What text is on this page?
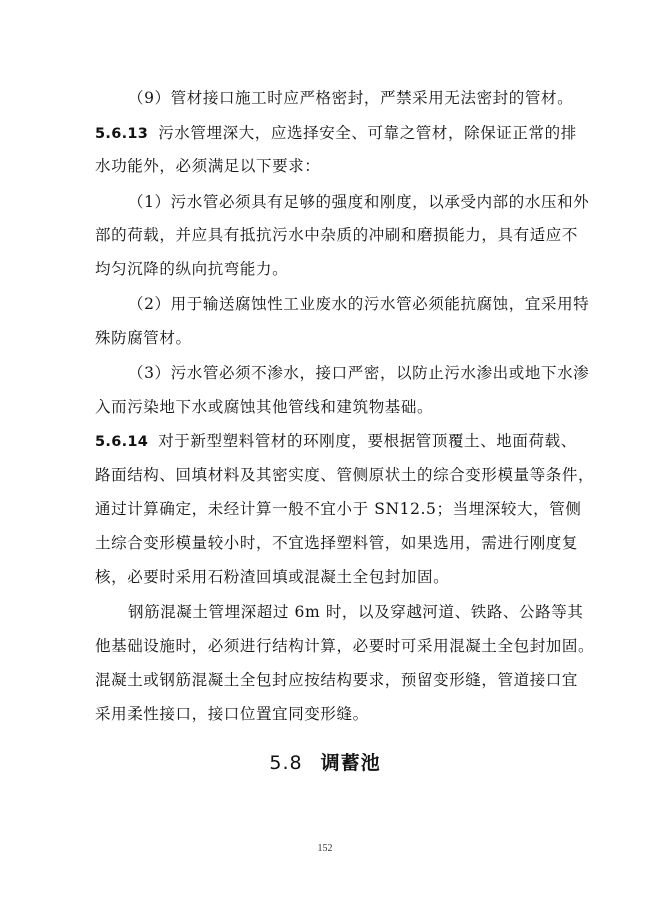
（9）管材接口施工时应严格密封，严禁采用无法密封的管材。
5.6.13 污水管埋深大，应选择安全、可靠之管材，除保证正常的排
水功能外，必须满足以下要求：
（1）污水管必须具有足够的强度和刚度，以承受内部的水压和外
部的荷载，并应具有抵抗污水中杂质的冲刷和磨损能力，具有适应不
均匀沉降的纵向抗弯能力。
（2）用于输送腐蚀性工业废水的污水管必须能抗腐蚀，宜采用特
殊防腐管材。
（3）污水管必须不渗水，接口严密，以防止污水渗出或地下水渗
入而污染地下水或腐蚀其他管线和建筑物基础。
5.6.14 对于新型塑料管材的环刚度，要根据管顶覆土、地面荷载、
路面结构、回填材料及其密实度、管侧原状土的综合变形模量等条件，
通过计算确定，未经计算一般不宜小于 SN12.5；当埋深较大，管侧
土综合变形模量较小时，不宜选择塑料管，如果选用，需进行刚度复
核，必要时采用石粉渣回填或混凝土全包封加固。
钢筋混凝土管埋深超过 6m 时，以及穿越河道、铁路、公路等其
他基础设施时，必须进行结构计算，必要时可采用混凝土全包封加固。
混凝土或钢筋混凝土全包封应按结构要求，预留变形缝，管道接口宜
采用柔性接口，接口位置宜同变形缝。
5.8 调蓄池
152
